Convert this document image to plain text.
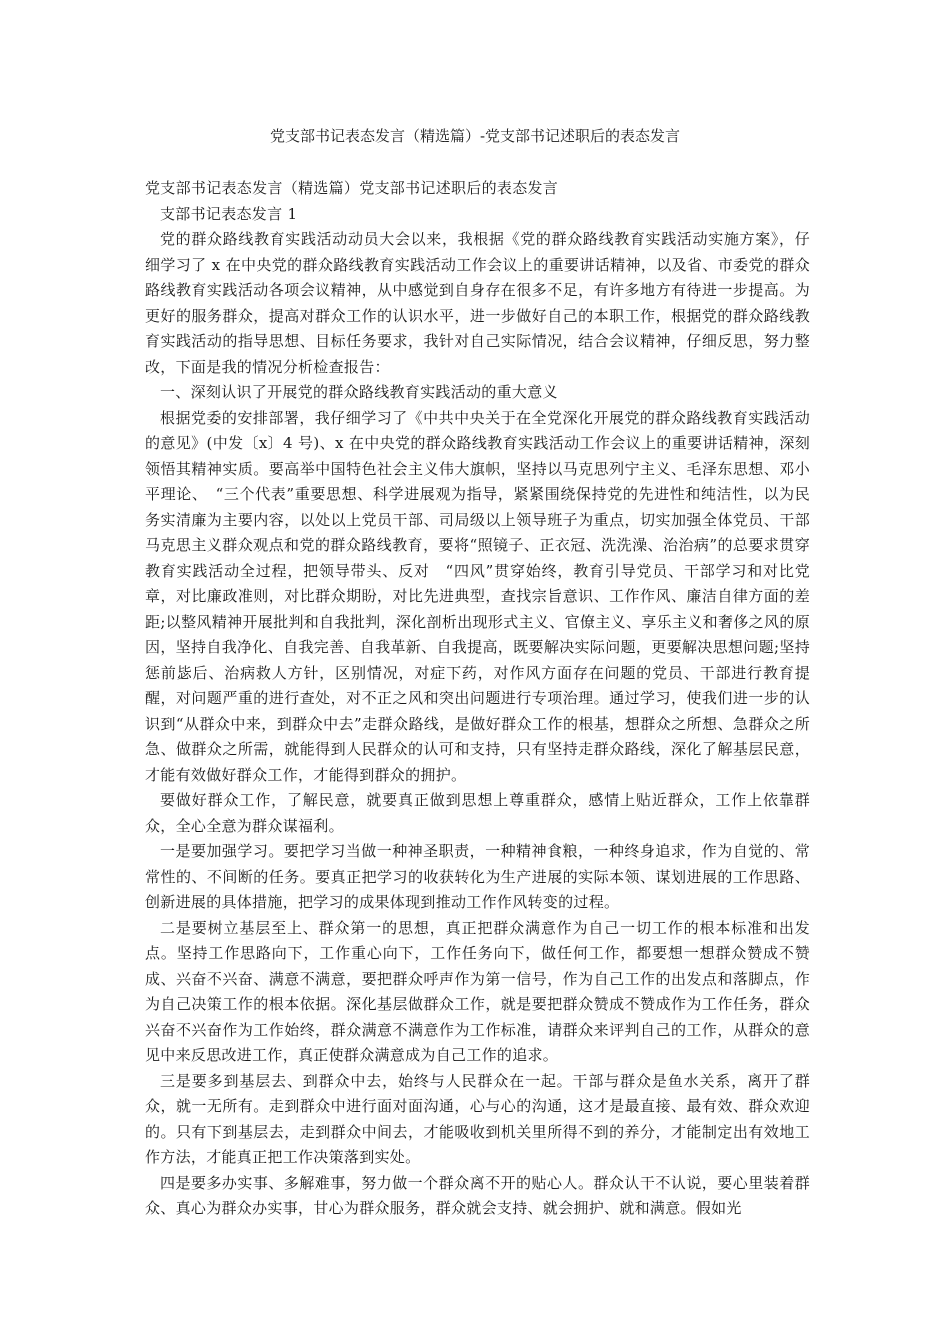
党支部书记表态发言（精选篇）-党支部书记述职后的表态发言

党支部书记表态发言（精选篇）党支部书记述职后的表态发言

支部书记表态发言 1

党的群众路线教育实践活动动员大会以来，我根据《党的群众路线教育实践活动实施方案》，仔细学习了 x 在中央党的群众路线教育实践活动工作会议上的重要讲话精神，以及省、市委党的群众路线教育实践活动各项会议精神，从中感觉到自身存在很多不足，有许多地方有待进一步提高。为更好的服务群众，提高对群众工作的认识水平，进一步做好自己的本职工作，根据党的群众路线教育实践活动的指导思想、目标任务要求，我针对自己实际情况，结合会议精神，仔细反思，努力整改，下面是我的情况分析检查报告：

一、深刻认识了开展党的群众路线教育实践活动的重大意义

根据党委的安排部署，我仔细学习了《中共中央关于在全党深化开展党的群众路线教育实践活动的意见》(中发〔x〕4 号)、x 在中央党的群众路线教育实践活动工作会议上的重要讲话精神，深刻领悟其精神实质。要高举中国特色社会主义伟大旗帜，坚持以马克思列宁主义、毛泽东思想、邓小平理论、　“三个代表”重要思想、科学进展观为指导，紧紧围绕保持党的先进性和纯洁性，以为民务实清廉为主要内容，以处以上党员干部、司局级以上领导班子为重点，切实加强全体党员、干部马克思主义群众观点和党的群众路线教育，要将“照镜子、正衣冠、洗洗澡、治治病”的总要求贯穿教育实践活动全过程，把领导带头、反对　“四风”贯穿始终，教育引导党员、干部学习和对比党章，对比廉政准则，对比群众期盼，对比先进典型，查找宗旨意识、工作作风、廉洁自律方面的差距;以整风精神开展批判和自我批判，深化剖析出现形式主义、官僚主义、享乐主义和奢侈之风的原因，坚持自我净化、自我完善、自我革新、自我提高，既要解决实际问题，更要解决思想问题;坚持惩前毖后、治病救人方针，区别情况，对症下药，对作风方面存在问题的党员、干部进行教育提醒，对问题严重的进行查处，对不正之风和突出问题进行专项治理。通过学习，使我们进一步的认识到“从群众中来，到群众中去”走群众路线，是做好群众工作的根基，想群众之所想、急群众之所急、做群众之所需，就能得到人民群众的认可和支持，只有坚持走群众路线，深化了解基层民意，才能有效做好群众工作，才能得到群众的拥护。

要做好群众工作，了解民意，就要真正做到思想上尊重群众，感情上贴近群众，工作上依靠群众，全心全意为群众谋福利。

一是要加强学习。要把学习当做一种神圣职责，一种精神食粮，一种终身追求，作为自觉的、常常性的、不间断的任务。要真正把学习的收获转化为生产进展的实际本领、谋划进展的工作思路、创新进展的具体措施，把学习的成果体现到推动工作作风转变的过程。

二是要树立基层至上、群众第一的思想，真正把群众满意作为自己一切工作的根本标准和出发点。坚持工作思路向下，工作重心向下，工作任务向下，做任何工作，都要想一想群众赞成不赞成、兴奋不兴奋、满意不满意，要把群众呼声作为第一信号，作为自己工作的出发点和落脚点，作为自己决策工作的根本依据。深化基层做群众工作，就是要把群众赞成不赞成作为工作任务，群众兴奋不兴奋作为工作始终，群众满意不满意作为工作标准，请群众来评判自己的工作，从群众的意见中来反思改进工作，真正使群众满意成为自己工作的追求。

三是要多到基层去、到群众中去，始终与人民群众在一起。干部与群众是鱼水关系，离开了群众，就一无所有。走到群众中进行面对面沟通，心与心的沟通，这才是最直接、最有效、群众欢迎的。只有下到基层去，走到群众中间去，才能吸收到机关里所得不到的养分，才能制定出有效地工作方法，才能真正把工作决策落到实处。

四是要多办实事、多解难事，努力做一个群众离不开的贴心人。群众认干不认说，要心里装着群众、真心为群众办实事，甘心为群众服务，群众就会支持、就会拥护、就和满意。假如光
